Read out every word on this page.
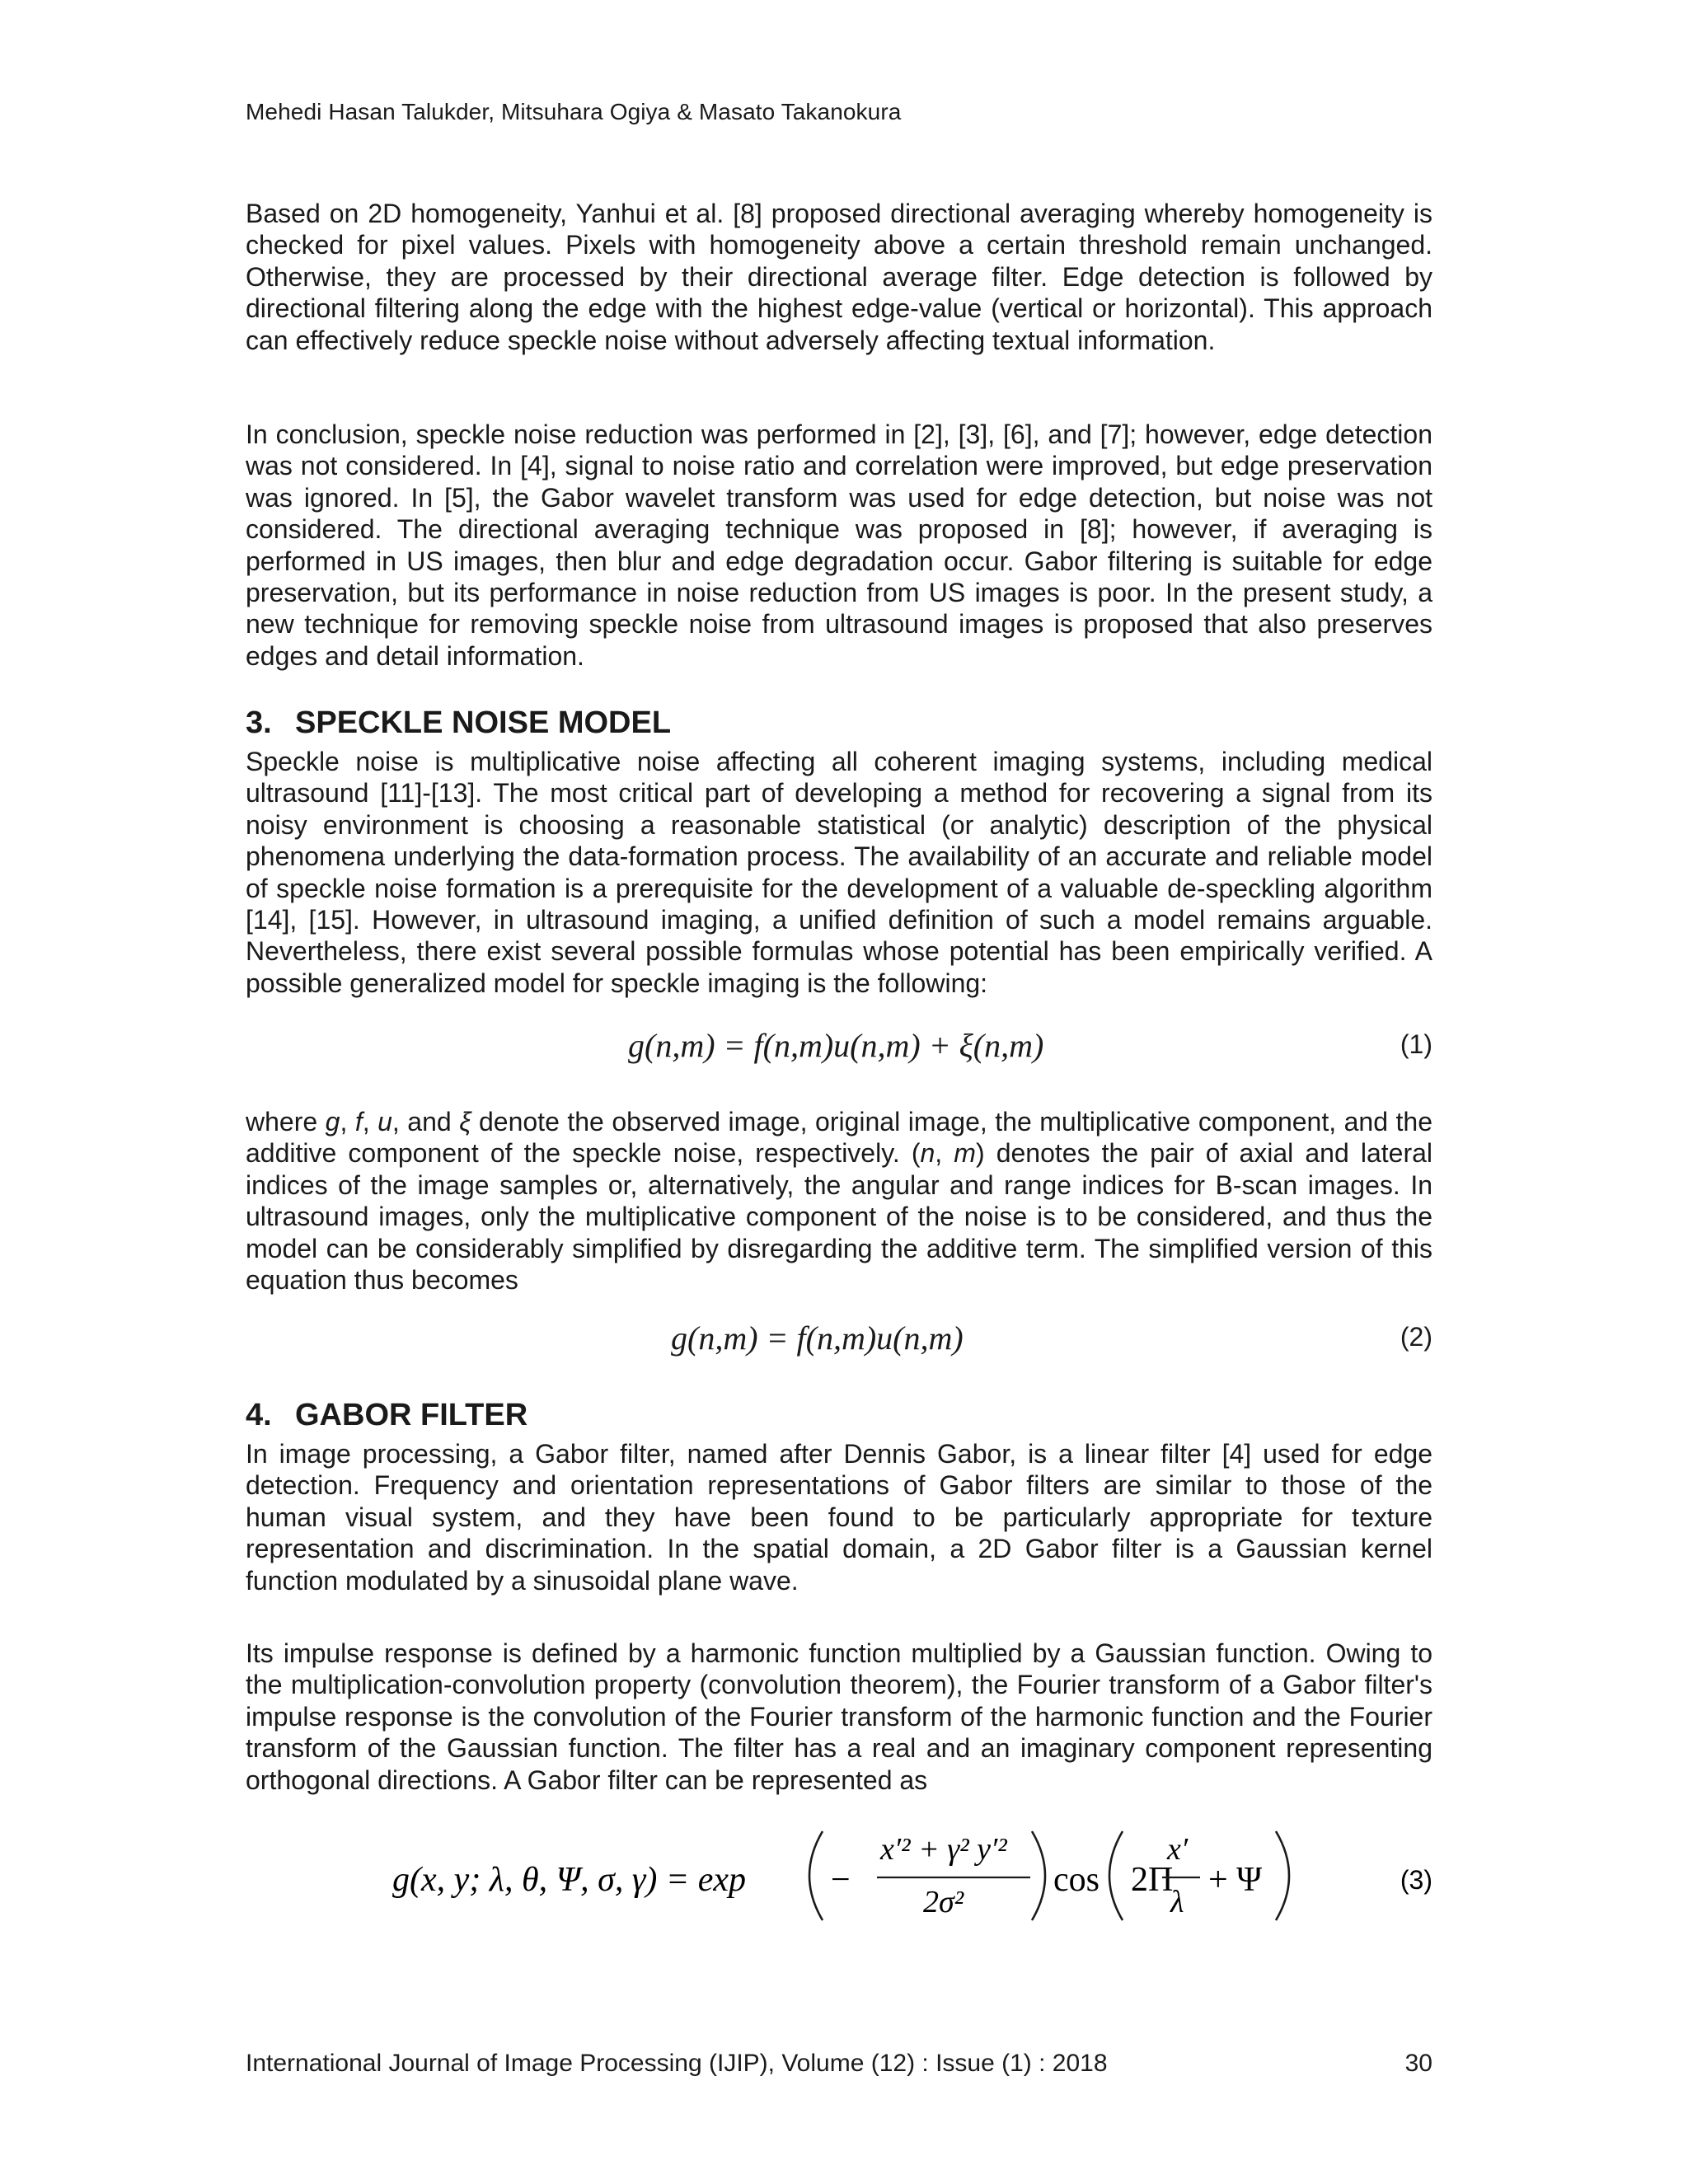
Mehedi Hasan Talukder, Mitsuhara Ogiya & Masato Takanokura

Based on 2D homogeneity, Yanhui et al. [8] proposed directional averaging whereby homogeneity is checked for pixel values. Pixels with homogeneity above a certain threshold remain unchanged. Otherwise, they are processed by their directional average filter. Edge detection is followed by directional filtering along the edge with the highest edge-value (vertical or horizontal). This approach can effectively reduce speckle noise without adversely affecting textual information.

In conclusion, speckle noise reduction was performed in [2], [3], [6], and [7]; however, edge detection was not considered. In [4], signal to noise ratio and correlation were improved, but edge preservation was ignored. In [5], the Gabor wavelet transform was used for edge detection, but noise was not considered. The directional averaging technique was proposed in [8]; however, if averaging is performed in US images, then blur and edge degradation occur. Gabor filtering is suitable for edge preservation, but its performance in noise reduction from US images is poor. In the present study, a new technique for removing speckle noise from ultrasound images is proposed that also preserves edges and detail information.

3. SPECKLE NOISE MODEL

Speckle noise is multiplicative noise affecting all coherent imaging systems, including medical ultrasound [11]-[13]. The most critical part of developing a method for recovering a signal from its noisy environment is choosing a reasonable statistical (or analytic) description of the physical phenomena underlying the data-formation process. The availability of an accurate and reliable model of speckle noise formation is a prerequisite for the development of a valuable de-speckling algorithm [14], [15]. However, in ultrasound imaging, a unified definition of such a model remains arguable. Nevertheless, there exist several possible formulas whose potential has been empirically verified. A possible generalized model for speckle imaging is the following:

g(n,m) = f(n,m)u(n,m) + ξ(n,m)	(1)

where g, f, u, and ξ denote the observed image, original image, the multiplicative component, and the additive component of the speckle noise, respectively. (n, m) denotes the pair of axial and lateral indices of the image samples or, alternatively, the angular and range indices for B-scan images. In ultrasound images, only the multiplicative component of the noise is to be considered, and thus the model can be considerably simplified by disregarding the additive term. The simplified version of this equation thus becomes

g(n,m) = f(n,m)u(n,m)	(2)
4. GABOR FILTER

In image processing, a Gabor filter, named after Dennis Gabor, is a linear filter [4] used for edge detection. Frequency and orientation representations of Gabor filters are similar to those of the human visual system, and they have been found to be particularly appropriate for texture representation and discrimination. In the spatial domain, a 2D Gabor filter is a Gaussian kernel function modulated by a sinusoidal plane wave.

Its impulse response is defined by a harmonic function multiplied by a Gaussian function. Owing to the multiplication-convolution property (convolution theorem), the Fourier transform of a Gabor filter's impulse response is the convolution of the Fourier transform of the harmonic function and the Fourier transform of the Gaussian function. The filter has a real and an imaginary component representing orthogonal directions. A Gabor filter can be represented as

g(x, y; λ, θ, Ψ, σ, γ) = exp −
x′² + γ² y′²
2σ²
cos 2Π
x′
λ
+ Ψ	(3)
International Journal of Image Processing (IJIP), Volume (12) : Issue (1) : 2018	30
